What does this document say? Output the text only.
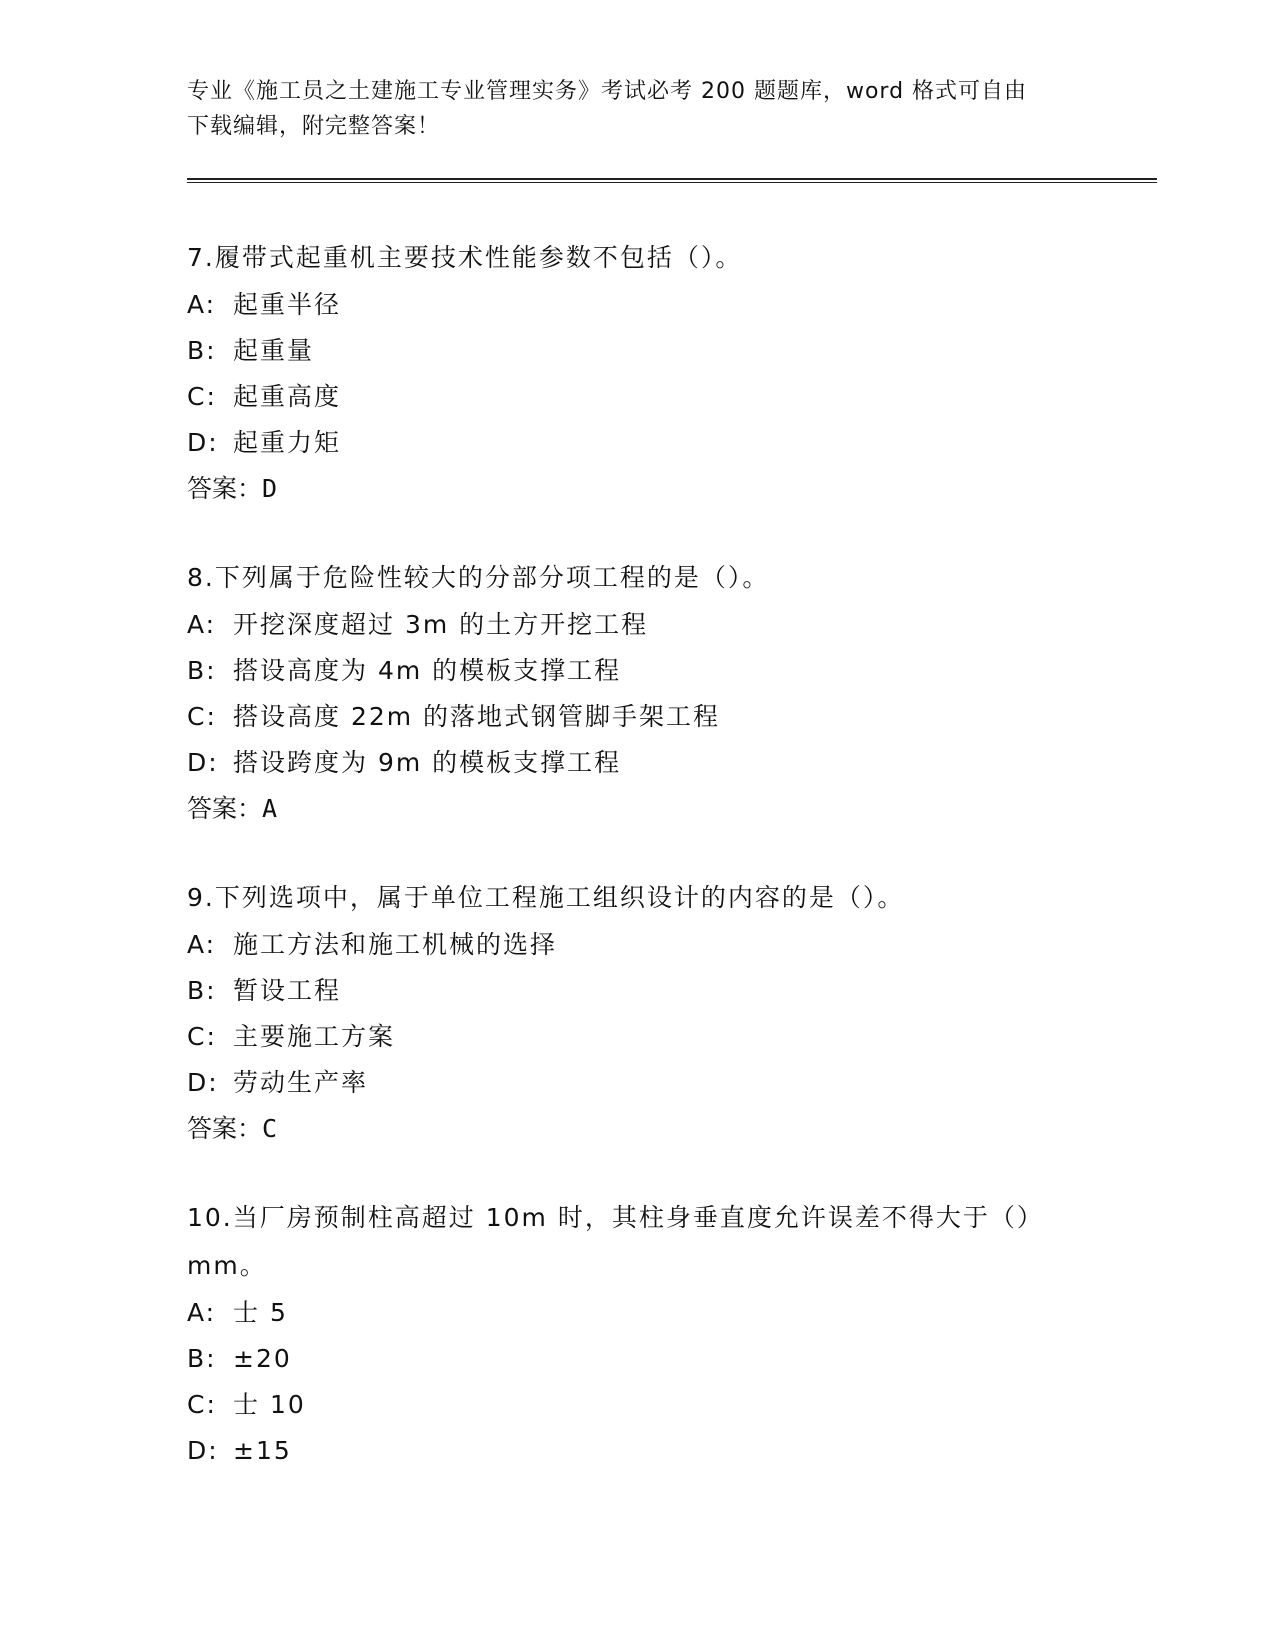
专业《施工员之土建施工专业管理实务》考试必考 200 题题库，word 格式可自由
下载编辑，附完整答案！

7.履带式起重机主要技术性能参数不包括（）。

A: 起重半径

B: 起重量

C: 起重高度

D: 起重力矩

答案：D

8.下列属于危险性较大的分部分项工程的是（）。

A: 开挖深度超过 3m 的土方开挖工程

B: 搭设高度为 4m 的模板支撑工程

C: 搭设高度 22m 的落地式钢管脚手架工程

D: 搭设跨度为 9m 的模板支撑工程

答案：A

9.下列选项中，属于单位工程施工组织设计的内容的是（）。

A: 施工方法和施工机械的选择

B: 暂设工程

C: 主要施工方案

D: 劳动生产率

答案：C

10.当厂房预制柱高超过 10m 时，其柱身垂直度允许误差不得大于（）mm。

A: 士 5

B: ±20

C: 士 10

D: ±15
